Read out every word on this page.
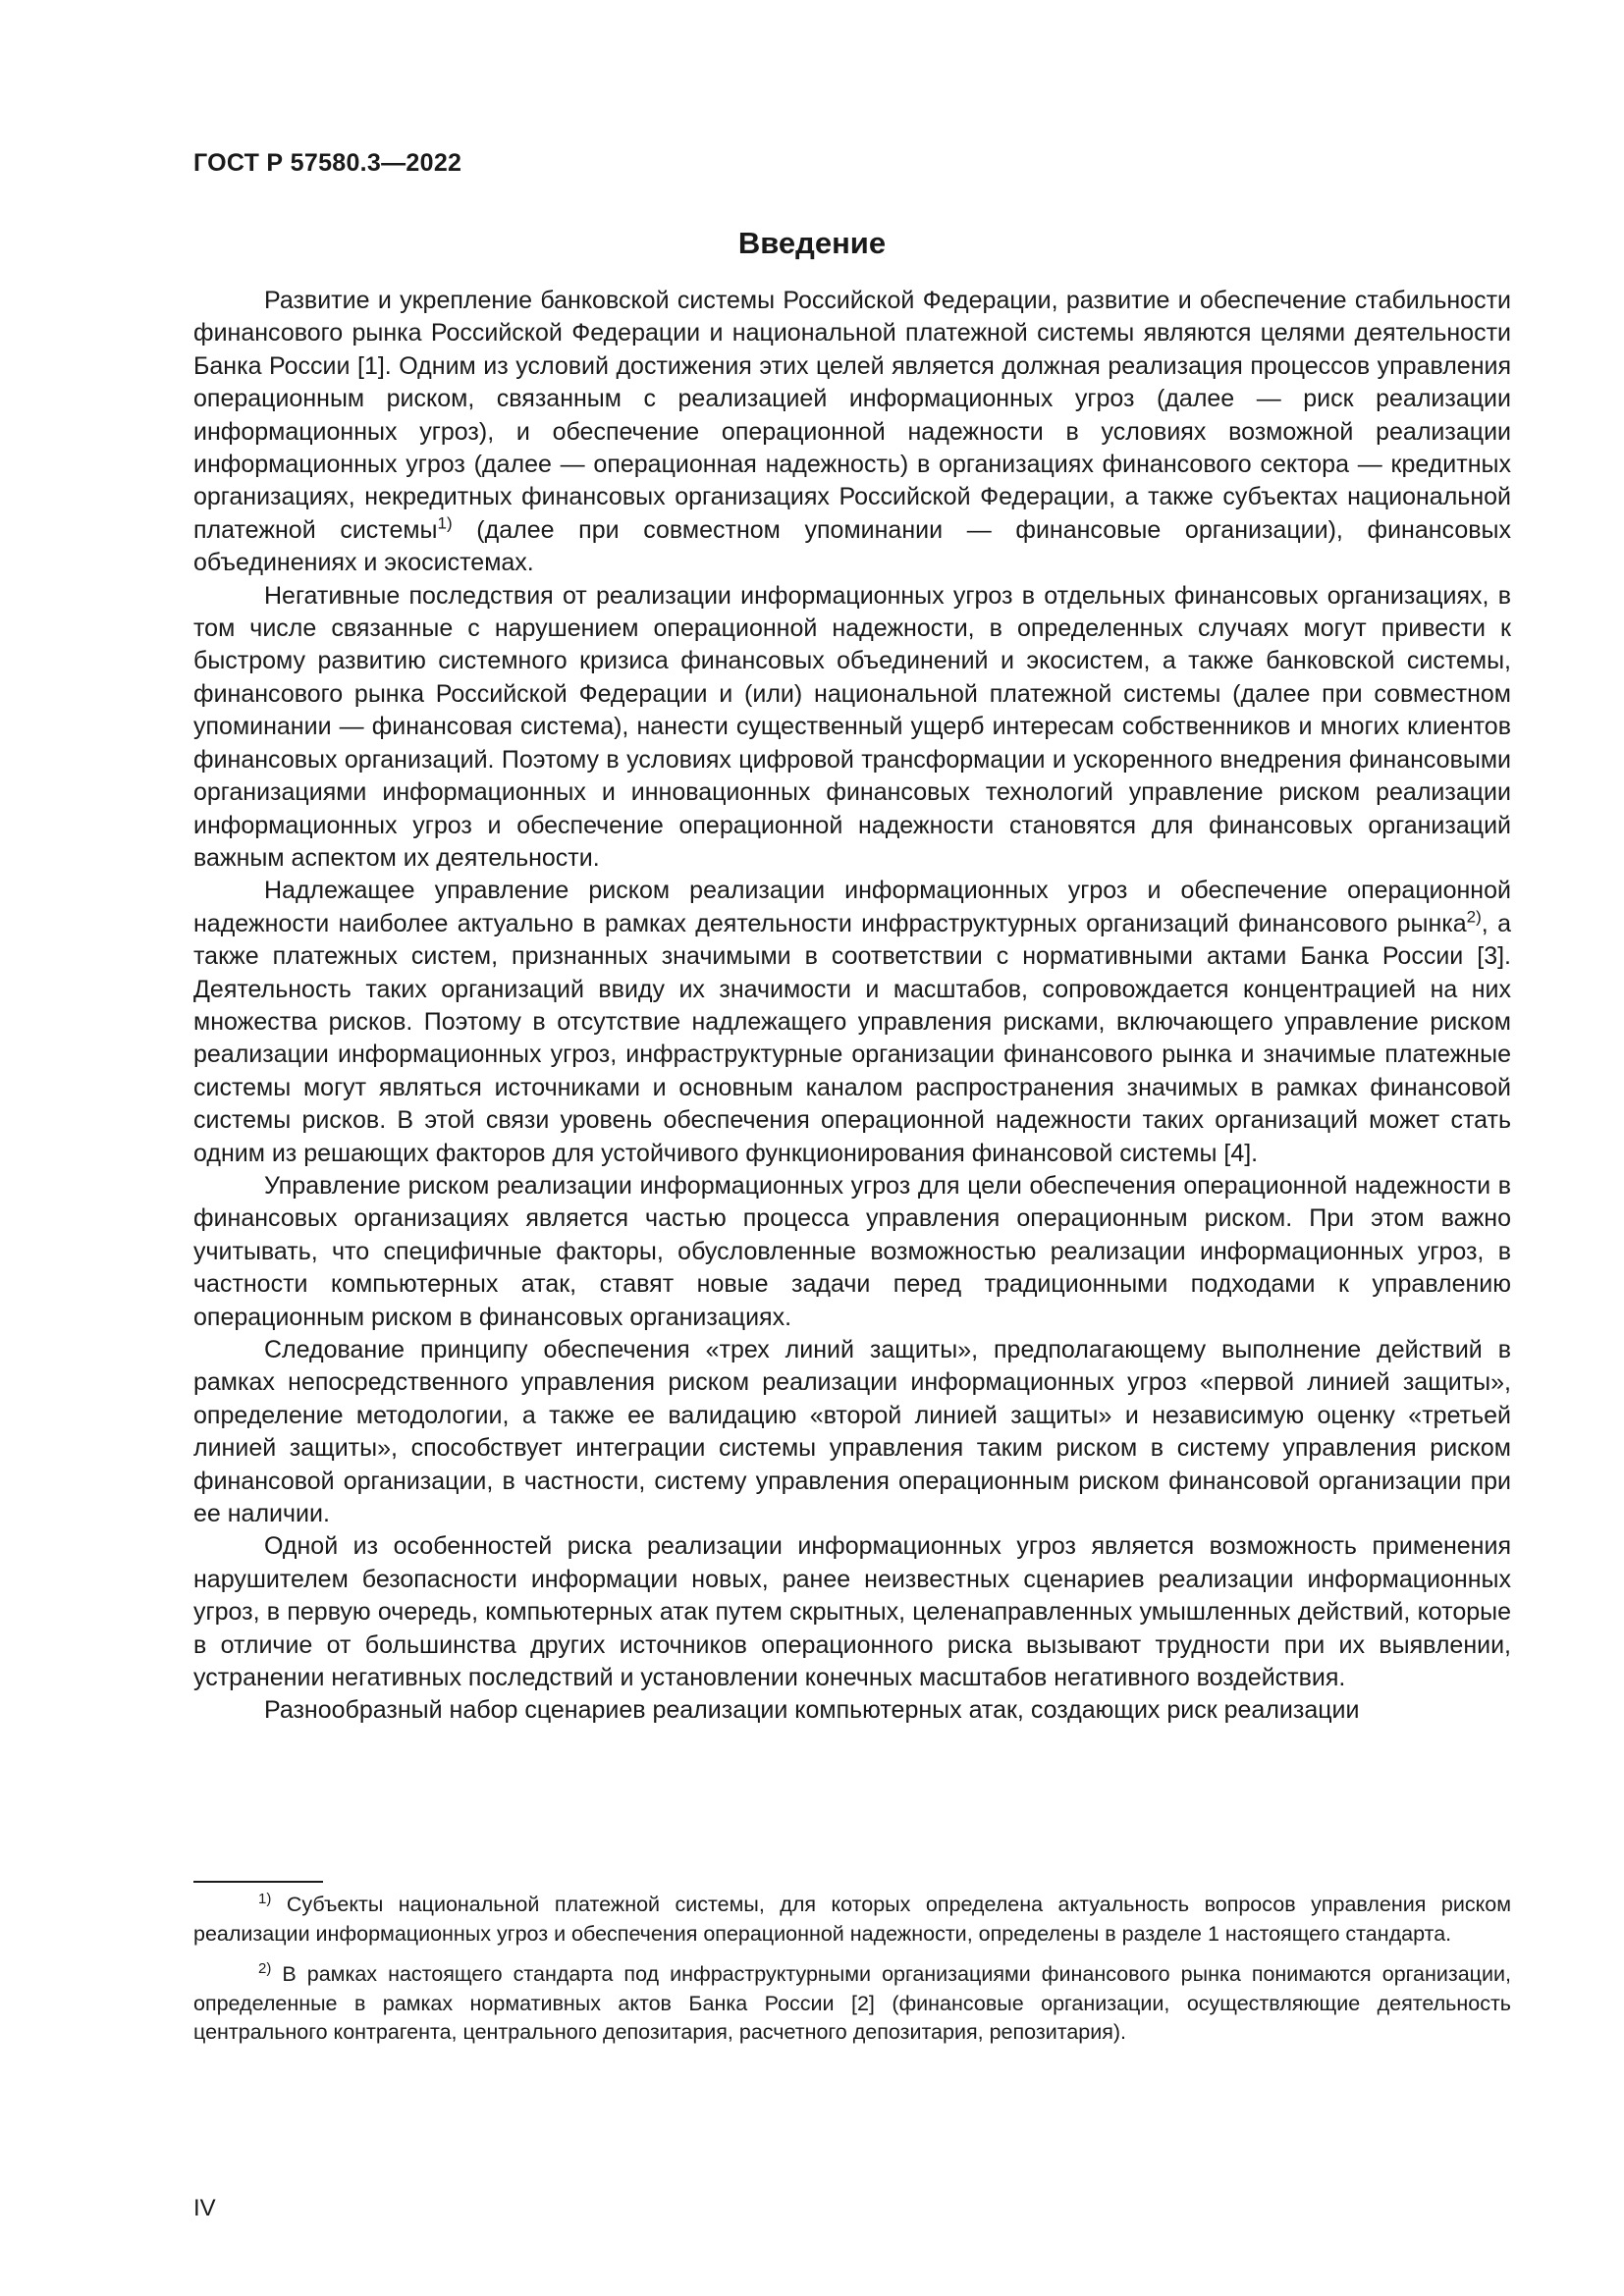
ГОСТ Р 57580.3—2022
Введение

Развитие и укрепление банковской системы Российской Федерации, развитие и обеспечение стабильности финансового рынка Российской Федерации и национальной платежной системы являются целями деятельности Банка России [1]. Одним из условий достижения этих целей является должная реализация процессов управления операционным риском, связанным с реализацией информационных угроз (далее — риск реализации информационных угроз), и обеспечение операционной надежности в условиях возможной реализации информационных угроз (далее — операционная надежность) в организациях финансового сектора — кредитных организациях, некредитных финансовых организациях Российской Федерации, а также субъектах национальной платежной системы$^{1)}$ (далее при совместном упоминании — финансовые организации), финансовых объединениях и экосистемах.

Негативные последствия от реализации информационных угроз в отдельных финансовых организациях, в том числе связанные с нарушением операционной надежности, в определенных случаях могут привести к быстрому развитию системного кризиса финансовых объединений и экосистем, а также банковской системы, финансового рынка Российской Федерации и (или) национальной платежной системы (далее при совместном упоминании — финансовая система), нанести существенный ущерб интересам собственников и многих клиентов финансовых организаций. Поэтому в условиях цифровой трансформации и ускоренного внедрения финансовыми организациями информационных и инновационных финансовых технологий управление риском реализации информационных угроз и обеспечение операционной надежности становятся для финансовых организаций важным аспектом их деятельности.

Надлежащее управление риском реализации информационных угроз и обеспечение операционной надежности наиболее актуально в рамках деятельности инфраструктурных организаций финансового рынка$^{2)}$, а также платежных систем, признанных значимыми в соответствии с нормативными актами Банка России [3]. Деятельность таких организаций ввиду их значимости и масштабов, сопровождается концентрацией на них множества рисков. Поэтому в отсутствие надлежащего управления рисками, включающего управление риском реализации информационных угроз, инфраструктурные организации финансового рынка и значимые платежные системы могут являться источниками и основным каналом распространения значимых в рамках финансовой системы рисков. В этой связи уровень обеспечения операционной надежности таких организаций может стать одним из решающих факторов для устойчивого функционирования финансовой системы [4].

Управление риском реализации информационных угроз для цели обеспечения операционной надежности в финансовых организациях является частью процесса управления операционным риском. При этом важно учитывать, что специфичные факторы, обусловленные возможностью реализации информационных угроз, в частности компьютерных атак, ставят новые задачи перед традиционными подходами к управлению операционным риском в финансовых организациях.

Следование принципу обеспечения «трех линий защиты», предполагающему выполнение действий в рамках непосредственного управления риском реализации информационных угроз «первой линией защиты», определение методологии, а также ее валидацию «второй линией защиты» и независимую оценку «третьей линией защиты», способствует интеграции системы управления таким риском в систему управления риском финансовой организации, в частности, систему управления операционным риском финансовой организации при ее наличии.

Одной из особенностей риска реализации информационных угроз является возможность применения нарушителем безопасности информации новых, ранее неизвестных сценариев реализации информационных угроз, в первую очередь, компьютерных атак путем скрытных, целенаправленных умышленных действий, которые в отличие от большинства других источников операционного риска вызывают трудности при их выявлении, устранении негативных последствий и установлении конечных масштабов негативного воздействия.

Разнообразный набор сценариев реализации компьютерных атак, создающих риск реализации

$^{1)}$ Субъекты национальной платежной системы, для которых определена актуальность вопросов управления риском реализации информационных угроз и обеспечения операционной надежности, определены в разделе 1 настоящего стандарта.

$^{2)}$ В рамках настоящего стандарта под инфраструктурными организациями финансового рынка понимаются организации, определенные в рамках нормативных актов Банка России [2] (финансовые организации, осуществляющие деятельность центрального контрагента, центрального депозитария, расчетного депозитария, репозитария).

IV
